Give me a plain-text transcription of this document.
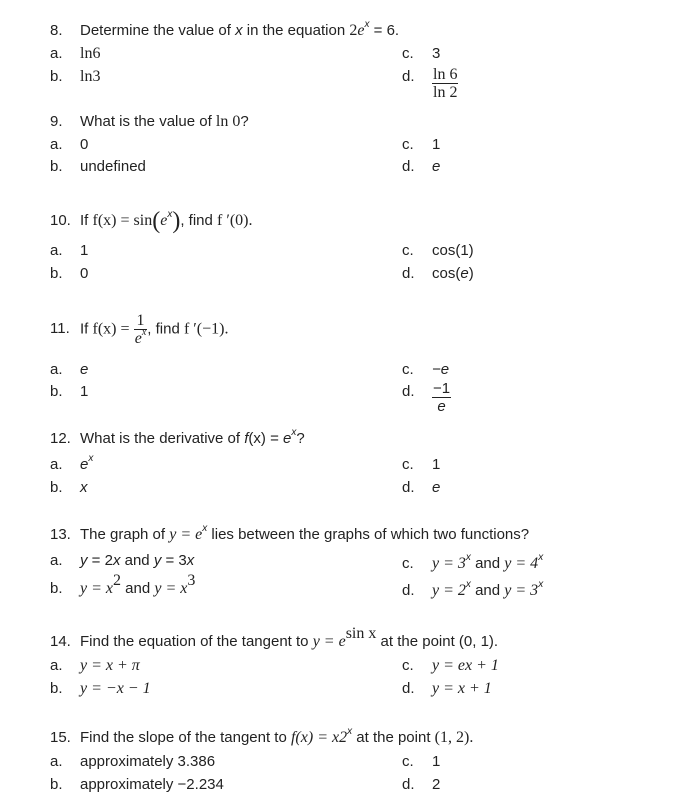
8. Determine the value of x in the equation $2e^x = 6$.
a. ln6
b. ln3
c. 3
d. $\frac{\ln 6}{\ln 2}$
9. What is the value of ln 0?
a. 0
b. undefined
c. 1
d. e
10. If $f(x) = \sin(e^x)$, find f ′(0).
a. 1
b. 0
c. cos(1)
d. cos(e)
11. If $f(x) = \frac{1}{e^x}$ , find f ′(−1).
a. e
b. 1
c. −e
d. $\frac{-1}{e}$
12. What is the derivative of $f(x) = e^x$?
a. $e^x$
b. x
c. 1
d. e
13. The graph of $y = e^x$ lies between the graphs of which two functions?
a. y = 2x and y = 3x
b. $y = x^2$ and $y = x^3$
c. $y = 3^x$ and $y = 4^x$
d. $y = 2^x$ and $y = 3^x$
14. Find the equation of the tangent to $y = e^{sin x}$ at the point (0, 1).
a. y = x + π
b. y = −x − 1
c. y = ex + 1
d. y = x + 1
15. Find the slope of the tangent to $f(x) = x2^x$ at the point (1, 2).
a. approximately 3.386
b. approximately −2.234
c. 1
d. 2
